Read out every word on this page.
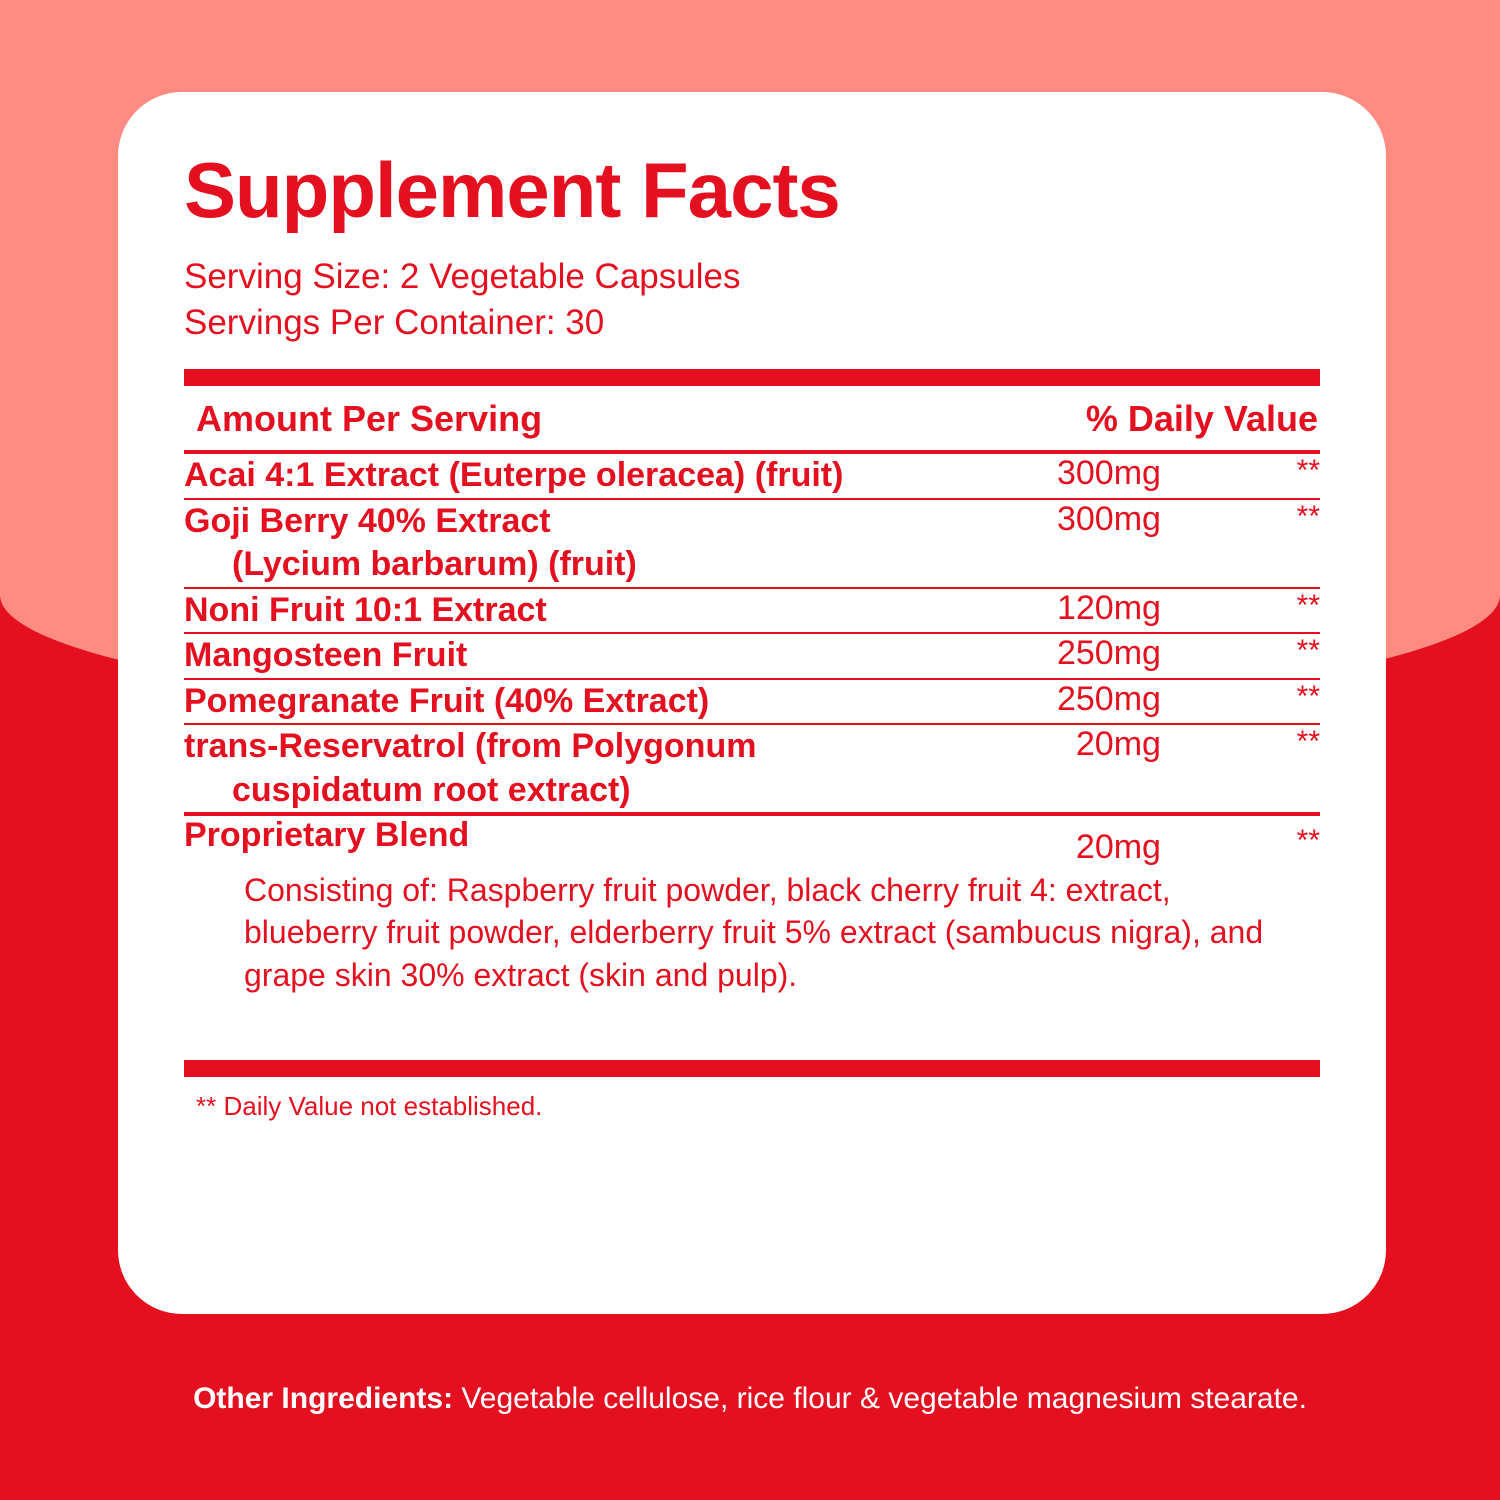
Supplement Facts
Serving Size: 2 Vegetable Capsules
Servings Per Container: 30
Amount Per Serving	% Daily Value
Acai 4:1 Extract (Euterpe oleracea) (fruit)	300mg	**

Goji Berry 40% Extract
(Lycium barbarum) (fruit)	300mg	**

Noni Fruit 10:1 Extract	120mg	**

Mangosteen Fruit	250mg	**

Pomegranate Fruit (40% Extract)	250mg	**

trans-Reservatrol (from Polygonum
cuspidatum root extract)	20mg	**
Proprietary Blend	20mg	**
Consisting of: Raspberry fruit powder, black cherry fruit 4: extract, blueberry fruit powder, elderberry fruit 5% extract (sambucus nigra), and grape skin 30% extract (skin and pulp).
** Daily Value not established.
Other Ingredients: Vegetable cellulose, rice flour & vegetable magnesium stearate.
